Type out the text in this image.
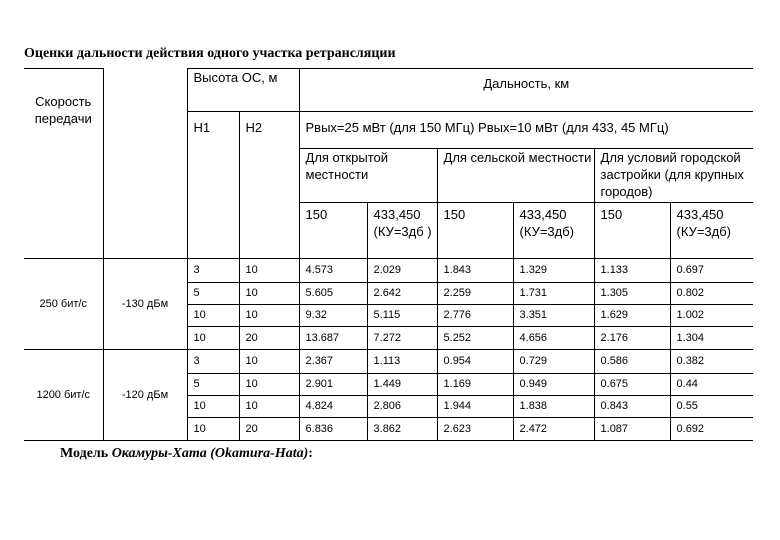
Оценки дальности действия одного участка ретрансляции
Скорость передачи		Высота ОС, м		Дальность, км					
		Н1	Н2	Рвых=25 мВт (для 150 МГц) Рвых=10 мВт (для 433, 45 МГц)					
				Для открытой местности		Для сельской местности		Для условий городской застройки (для крупных городов)	
				150	433,450 (КУ=3дб )	150	433,450 (КУ=3дб)	150	433,450 (КУ=3дб)
250 бит/с	-130 дБм	3	10	4.573	2.029	1.843	1.329	1.133	0.697
		5	10	5.605	2.642	2.259	1.731	1.305	0.802
		10	10	9.32	5.115	2.776	3.351	1.629	1.002
		10	20	13.687	7.272	5.252	4.656	2.176	1.304
1200 бит/с	-120 дБм	3	10	2.367	1.113	0.954	0.729	0.586	0.382
		5	10	2.901	1.449	1.169	0.949	0.675	0.44
		10	10	4.824	2.806	1.944	1.838	0.843	0.55
		10	20	6.836	3.862	2.623	2.472	1.087	0.692
Модель Окамуры-Хата (Okamura-Hata):
